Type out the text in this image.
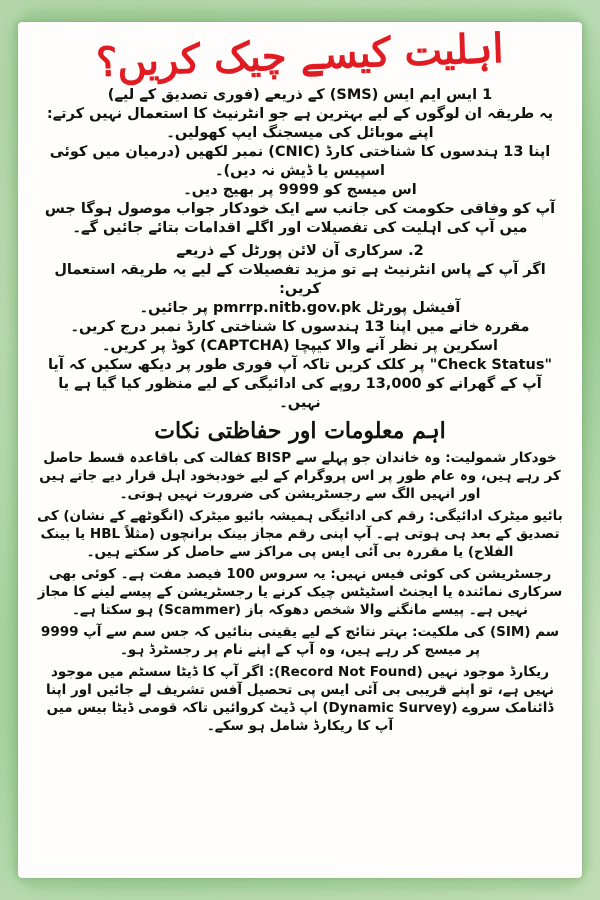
اہلیت کیسے چیک کریں؟

1 ایس ایم ایس (SMS) کے ذریعے (فوری تصدیق کے لیے)

یہ طریقہ ان لوگوں کے لیے بہترین ہے جو انٹرنیٹ کا استعمال نہیں کرتے:

اپنے موبائل کی میسجنگ ایپ کھولیں۔

اپنا 13 ہندسوں کا شناختی کارڈ (CNIC) نمبر لکھیں (درمیان میں کوئی اسپیس یا ڈیش نہ دیں)۔

اس میسج کو 9999 پر بھیج دیں۔

آپ کو وفاقی حکومت کی جانب سے ایک خودکار جواب موصول ہوگا جس میں آپ کی اہلیت کی تفصیلات اور اگلے اقدامات بتائے جائیں گے۔

2. سرکاری آن لائن پورٹل کے ذریعے

اگر آپ کے پاس انٹرنیٹ ہے تو مزید تفصیلات کے لیے یہ طریقہ استعمال کریں:

آفیشل پورٹل pmrrp.nitb.gov.pk پر جائیں۔

مقررہ خانے میں اپنا 13 ہندسوں کا شناختی کارڈ نمبر درج کریں۔

اسکرین پر نظر آنے والا کیپچا (CAPTCHA) کوڈ پر کریں۔

"Check Status" پر کلک کریں تاکہ آپ فوری طور پر دیکھ سکیں کہ آیا آپ کے گھرانے کو 13,000 روپے کی ادائیگی کے لیے منظور کیا گیا ہے یا نہیں۔

اہم معلومات اور حفاظتی نکات

خودکار شمولیت: وہ خاندان جو پہلے سے BISP کفالت کی باقاعدہ قسط حاصل کر رہے ہیں، وہ عام طور پر اس پروگرام کے لیے خودبخود اہل قرار دیے جاتے ہیں اور انہیں الگ سے رجسٹریشن کی ضرورت نہیں ہوتی۔

بائیو میٹرک ادائیگی: رقم کی ادائیگی ہمیشہ بائیو میٹرک (انگوٹھے کے نشان) کی تصدیق کے بعد ہی ہوتی ہے۔ آپ اپنی رقم مجاز بینک برانچوں (مثلاً HBL یا بینک الفلاح) یا مقررہ بی آئی ایس پی مراکز سے حاصل کر سکتے ہیں۔

رجسٹریشن کی کوئی فیس نہیں: یہ سروس 100 فیصد مفت ہے۔ کوئی بھی سرکاری نمائندہ یا ایجنٹ اسٹیٹس چیک کرنے یا رجسٹریشن کے پیسے لینے کا مجاز نہیں ہے۔ پیسے مانگنے والا شخص دھوکہ باز (Scammer) ہو سکتا ہے۔

سم (SIM) کی ملکیت: بہتر نتائج کے لیے یقینی بنائیں کہ جس سم سے آپ 9999 پر میسج کر رہے ہیں، وہ آپ کے اپنے نام پر رجسٹرڈ ہو۔

ریکارڈ موجود نہیں (Record Not Found): اگر آپ کا ڈیٹا سسٹم میں موجود نہیں ہے، تو اپنے قریبی بی آئی ایس پی تحصیل آفس تشریف لے جائیں اور اپنا ڈائنامک سروے (Dynamic Survey) اپ ڈیٹ کروائیں تاکہ قومی ڈیٹا بیس میں آپ کا ریکارڈ شامل ہو سکے۔
